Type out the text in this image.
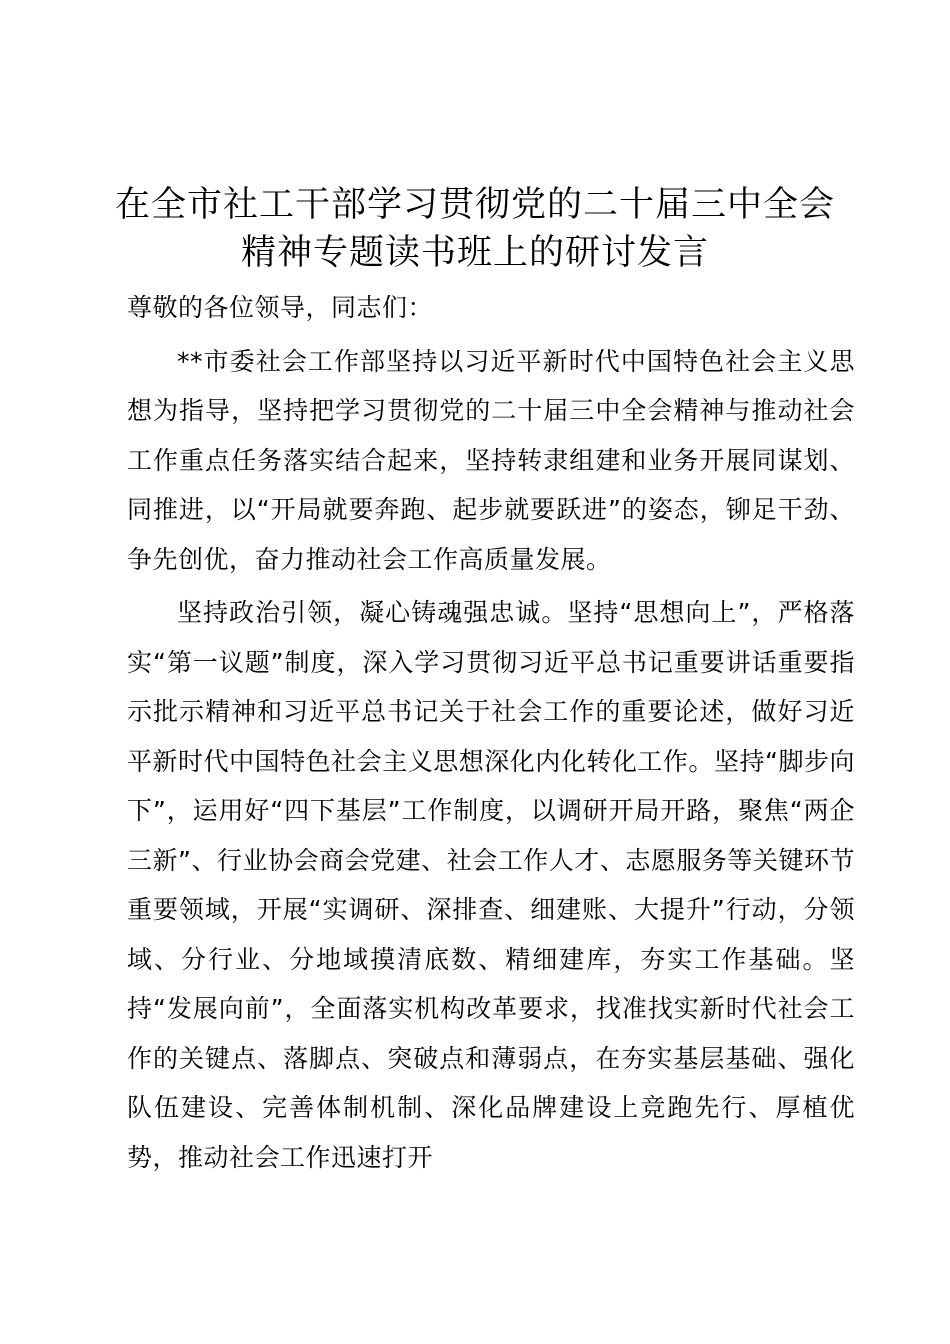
在全市社工干部学习贯彻党的二十届三中全会
精神专题读书班上的研讨发言

尊敬的各位领导，同志们：

**市委社会工作部坚持以习近平新时代中国特色社会主义思想为指导，坚持把学习贯彻党的二十届三中全会精神与推动社会工作重点任务落实结合起来，坚持转隶组建和业务开展同谋划、同推进，以“开局就要奔跑、起步就要跃进”的姿态，铆足干劲、争先创优，奋力推动社会工作高质量发展。

坚持政治引领，凝心铸魂强忠诚。坚持“思想向上”，严格落实“第一议题”制度，深入学习贯彻习近平总书记重要讲话重要指示批示精神和习近平总书记关于社会工作的重要论述，做好习近平新时代中国特色社会主义思想深化内化转化工作。坚持“脚步向下”，运用好“四下基层”工作制度，以调研开局开路，聚焦“两企三新”、行业协会商会党建、社会工作人才、志愿服务等关键环节重要领域，开展“实调研、深排查、细建账、大提升”行动，分领域、分行业、分地域摸清底数、精细建库，夯实工作基础。坚持“发展向前”，全面落实机构改革要求，找准找实新时代社会工作的关键点、落脚点、突破点和薄弱点，在夯实基层基础、强化队伍建设、完善体制机制、深化品牌建设上竞跑先行、厚植优势，推动社会工作迅速打开
